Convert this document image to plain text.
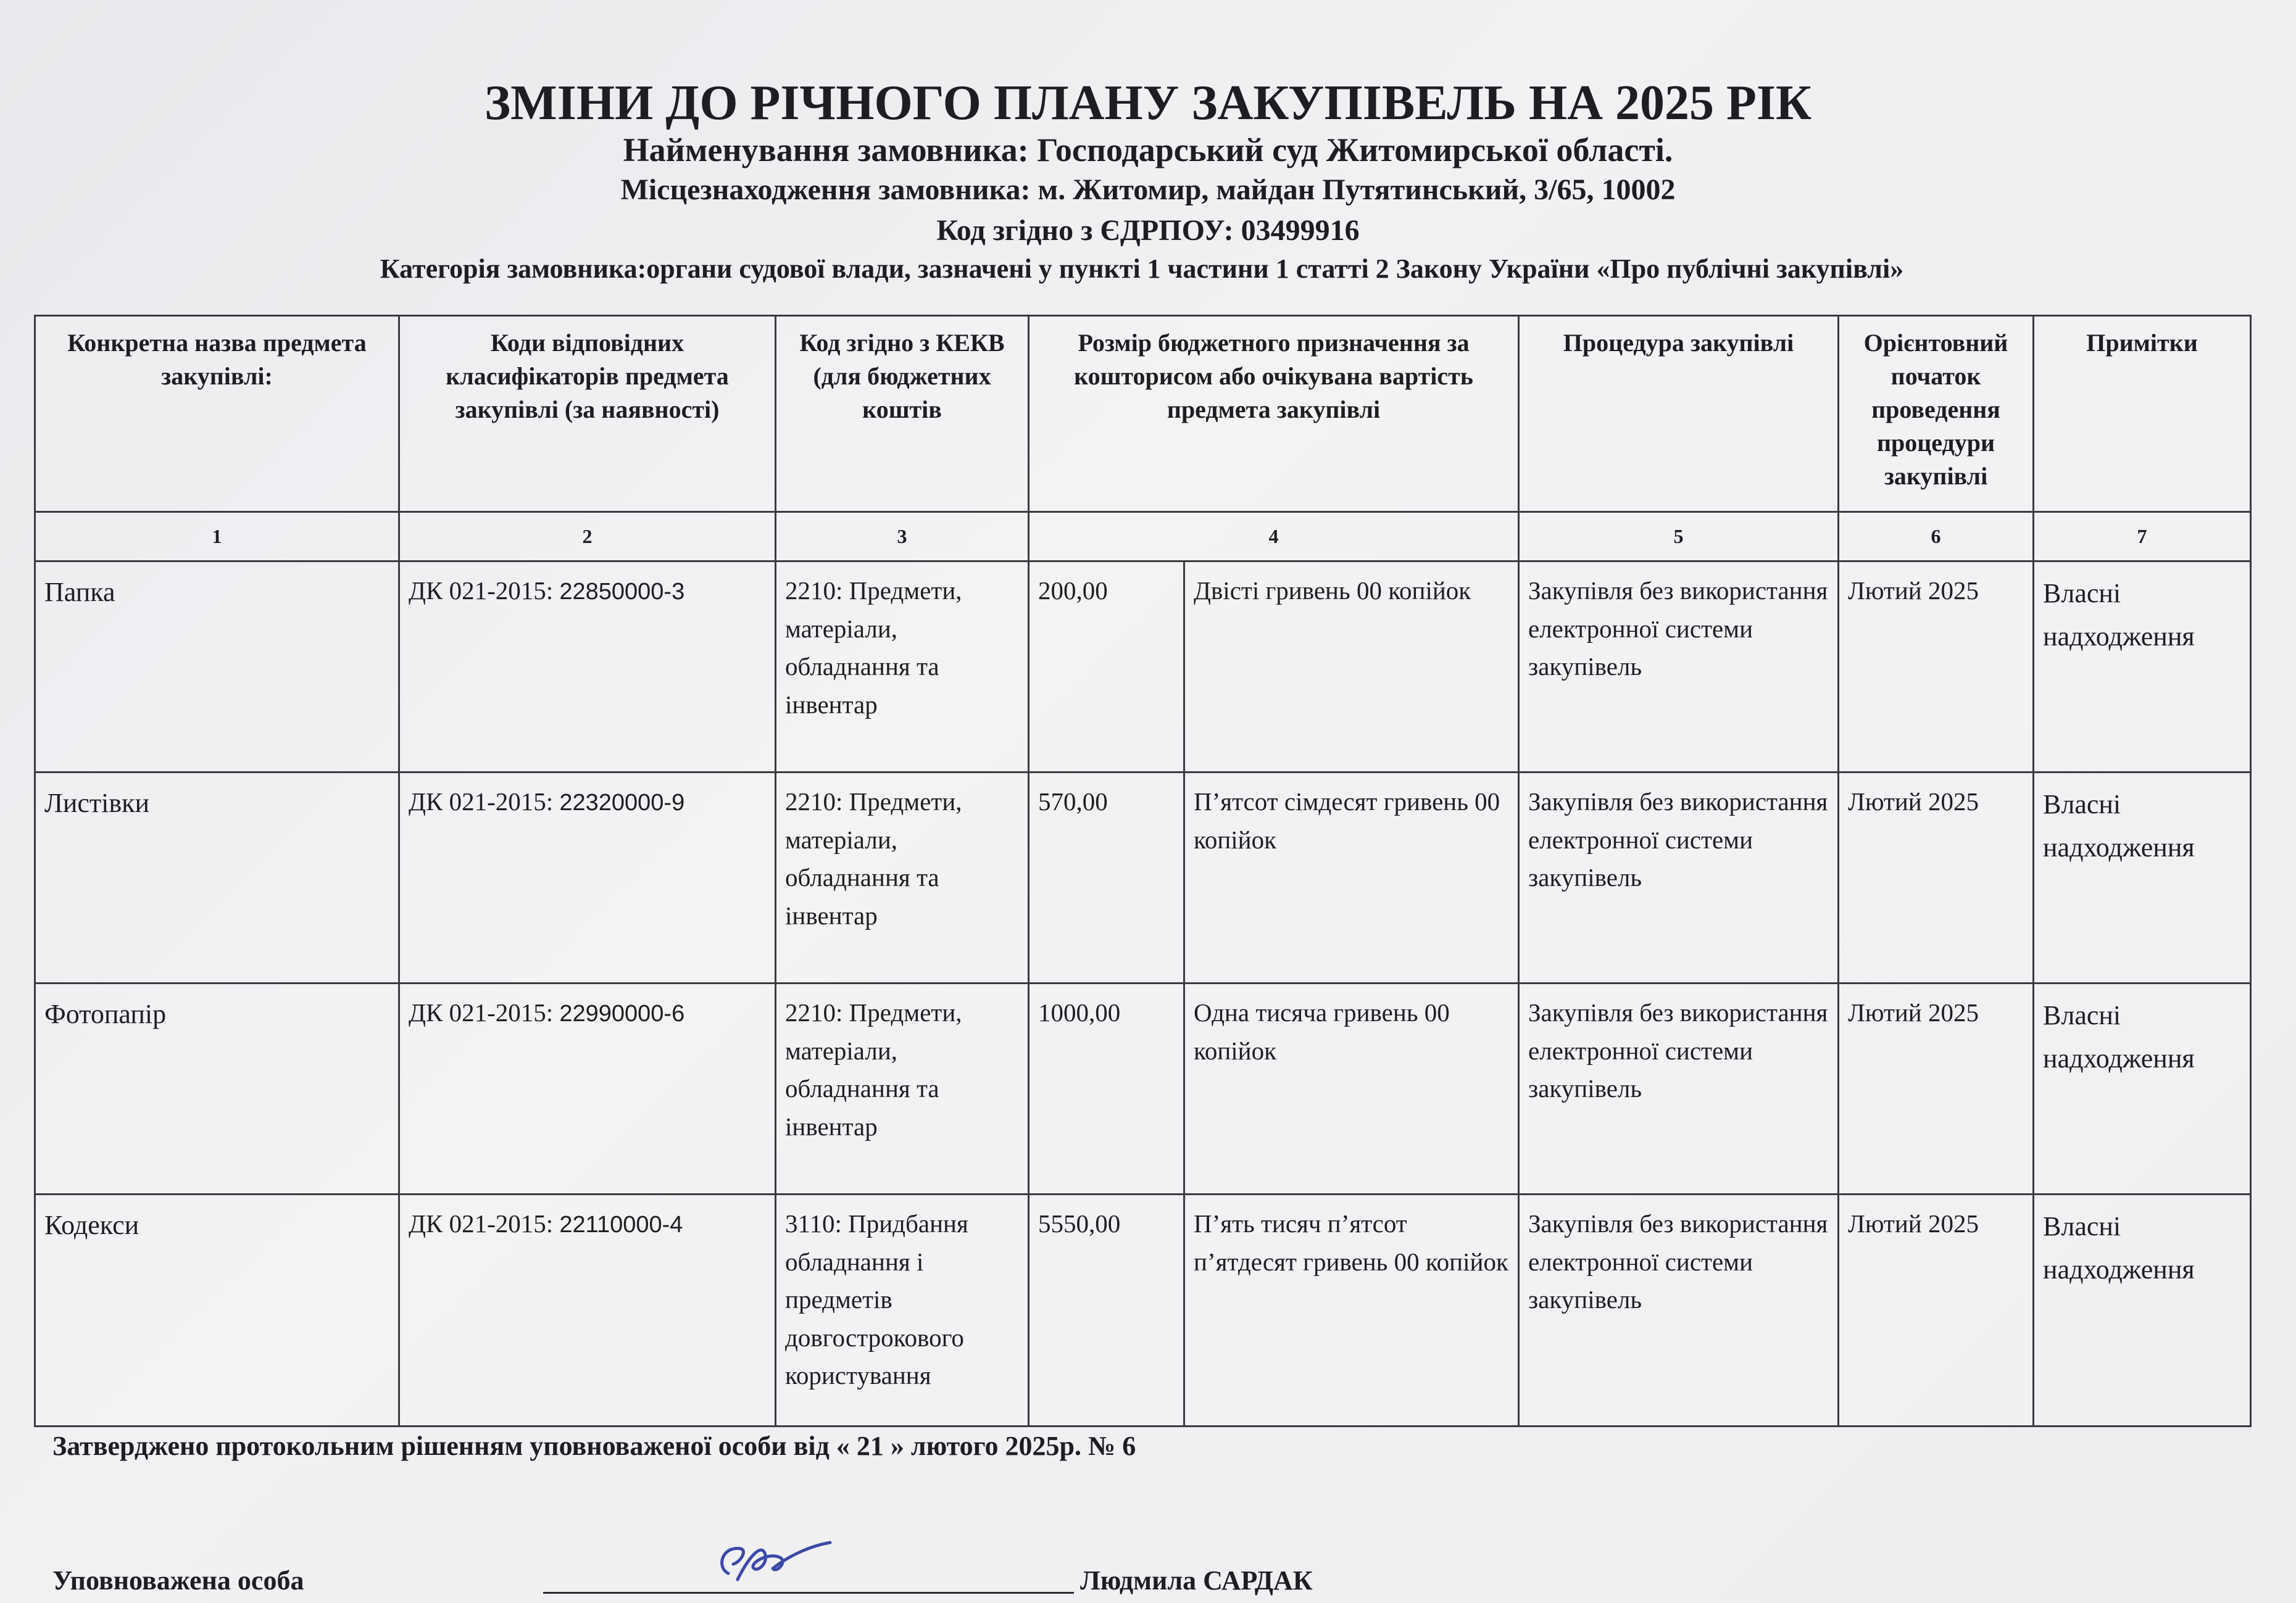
ЗМІНИ ДО РІЧНОГО ПЛАНУ ЗАКУПІВЕЛЬ НА 2025 РІК
Найменування замовника: Господарський суд Житомирської області.
Місцезнаходження замовника: м. Житомир, майдан Путятинський, 3/65, 10002
Код згідно з ЄДРПОУ: 03499916
Категорія замовника:органи судової влади, зазначені у пункті 1 частини 1 статті 2 Закону України «Про публічні закупівлі»
Конкретна назва предмета закупівлі:	Коди відповідних класифікаторів предмета закупівлі (за наявності)	Код згідно з КЕКВ (для бюджетних коштів	Розмір бюджетного призначення за кошторисом або очікувана вартість предмета закупівлі		Процедура закупівлі	Орієнтовний початок проведення процедури закупівлі	Примітки
1	2	3	4		5	6	7
Папка	ДК 021-2015: 22850000-3	2210: Предмети, матеріали, обладнання та інвентар	200,00	Двісті гривень 00 копійок	Закупівля без використання електронної системи закупівель	Лютий 2025	Власні надходження
Листівки	ДК 021-2015: 22320000-9	2210: Предмети, матеріали, обладнання та інвентар	570,00	П’ятсот сімдесят гривень 00 копійок	Закупівля без використання електронної системи закупівель	Лютий 2025	Власні надходження
Фотопапір	ДК 021-2015: 22990000-6	2210: Предмети, матеріали, обладнання та інвентар	1000,00	Одна тисяча гривень 00 копійок	Закупівля без використання електронної системи закупівель	Лютий 2025	Власні надходження
Кодекси	ДК 021-2015: 22110000-4	3110: Придбання обладнання і предметів довгострокового користування	5550,00	П’ять тисяч п’ятсот п’ятдесят гривень 00 копійок	Закупівля без використання електронної системи закупівель	Лютий 2025	Власні надходження
Затверджено протокольним рішенням уповноваженої особи від « 21 » лютого 2025р. № 6
Уповноважена особа	Людмила САРДАК
